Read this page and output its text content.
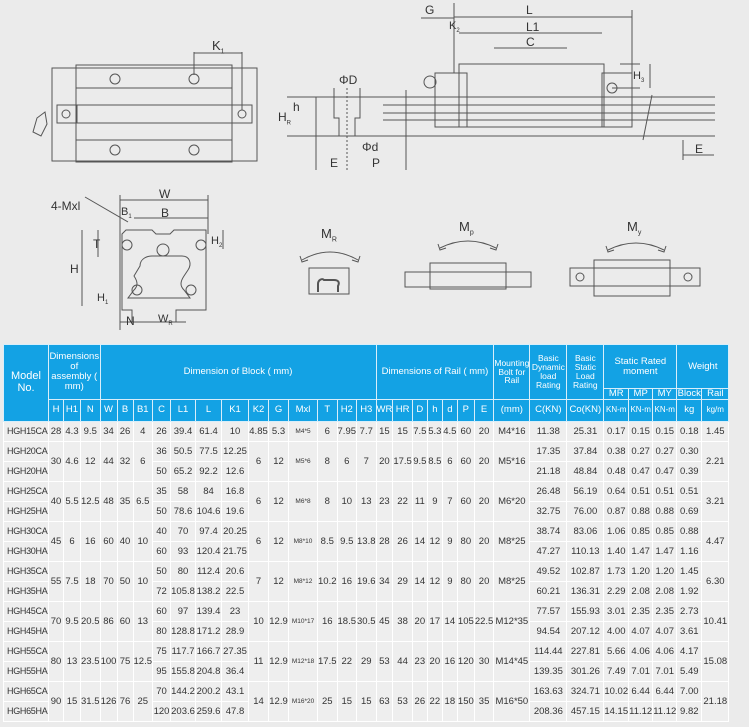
$K_1$
ΦD
h
$H_R$
Φd
E	P
G	L
$K_2$	L1
C
$H_3$
E
4-Mxl
W
$B_1$ B
$H_2$
T
H
$H_1$
N $W_R$
$M_R$
$M_p$	$M_y$
Model No.	Dimensions of assembly ( mm)			Dimension of Block ( mm)													Dimensions of Rail ( mm)							Mounting Bolt for Rail	Basic Dynamic load Rating	Basic Static Load Rating	Static Rated moment			Weight	
																											MR	MP	MY	Block	Rail
	H	H1	N	W	B	B1	C	L1	L	K1	K2	G	Mxl	T	H2	H3	WR	HR	D	h	d	P	E	(mm)	C(KN)	Co(KN)	KN-m	KN-m	KN-m	kg	kg/m
HGH15CA	28	4.3	9.5	34	26	4	26	39.4	61.4	10	4.85	5.3	M4*5	6	7.95	7.7	15	15	7.5	5.3	4.5	60	20	M4*16	11.38	25.31	0.17	0.15	0.15	0.18	1.45
HGH20CA	30	4.6	12	44	32	6	36	50.5	77.5	12.25	6	12	M5*6	8	6	7	20	17.5	9.5	8.5	6	60	20	M5*16	17.35	37.84	0.38	0.27	0.27	0.30	2.21
HGH20HA							50	65.2	92.2	12.6															21.18	48.84	0.48	0.47	0.47	0.39	
HGH25CA	40	5.5	12.5	48	35	6.5	35	58	84	16.8	6	12	M6*8	8	10	13	23	22	11	9	7	60	20	M6*20	26.48	56.19	0.64	0.51	0.51	0.51	3.21
HGH25HA							50	78.6	104.6	19.6															32.75	76.00	0.87	0.88	0.88	0.69	
HGH30CA	45	6	16	60	40	10	40	70	97.4	20.25	6	12	M8*10	8.5	9.5	13.8	28	26	14	12	9	80	20	M8*25	38.74	83.06	1.06	0.85	0.85	0.88	4.47
HGH30HA							60	93	120.4	21.75															47.27	110.13	1.40	1.47	1.47	1.16	
HGH35CA	55	7.5	18	70	50	10	50	80	112.4	20.6	7	12	M8*12	10.2	16	19.6	34	29	14	12	9	80	20	M8*25	49.52	102.87	1.73	1.20	1.20	1.45	6.30
HGH35HA							72	105.8	138.2	22.5															60.21	136.31	2.29	2.08	2.08	1.92	
HGH45CA	70	9.5	20.5	86	60	13	60	97	139.4	23	10	12.9	M10*17	16	18.5	30.5	45	38	20	17	14	105	22.5	M12*35	77.57	155.93	3.01	2.35	2.35	2.73	10.41
HGH45HA							80	128.8	171.2	28.9															94.54	207.12	4.00	4.07	4.07	3.61	
HGH55CA	80	13	23.5	100	75	12.5	75	117.7	166.7	27.35	11	12.9	M12*18	17.5	22	29	53	44	23	20	16	120	30	M14*45	114.44	227.81	5.66	4.06	4.06	4.17	15.08
HGH55HA							95	155.8	204.8	36.4															139.35	301.26	7.49	7.01	7.01	5.49	
HGH65CA	90	15	31.5	126	76	25	70	144.2	200.2	43.1	14	12.9	M16*20	25	15	15	63	53	26	22	18	150	35	M16*50	163.63	324.71	10.02	6.44	6.44	7.00	21.18
HGH65HA							120	203.6	259.6	47.8															208.36	457.15	14.15	11.12	11.12	9.82	
